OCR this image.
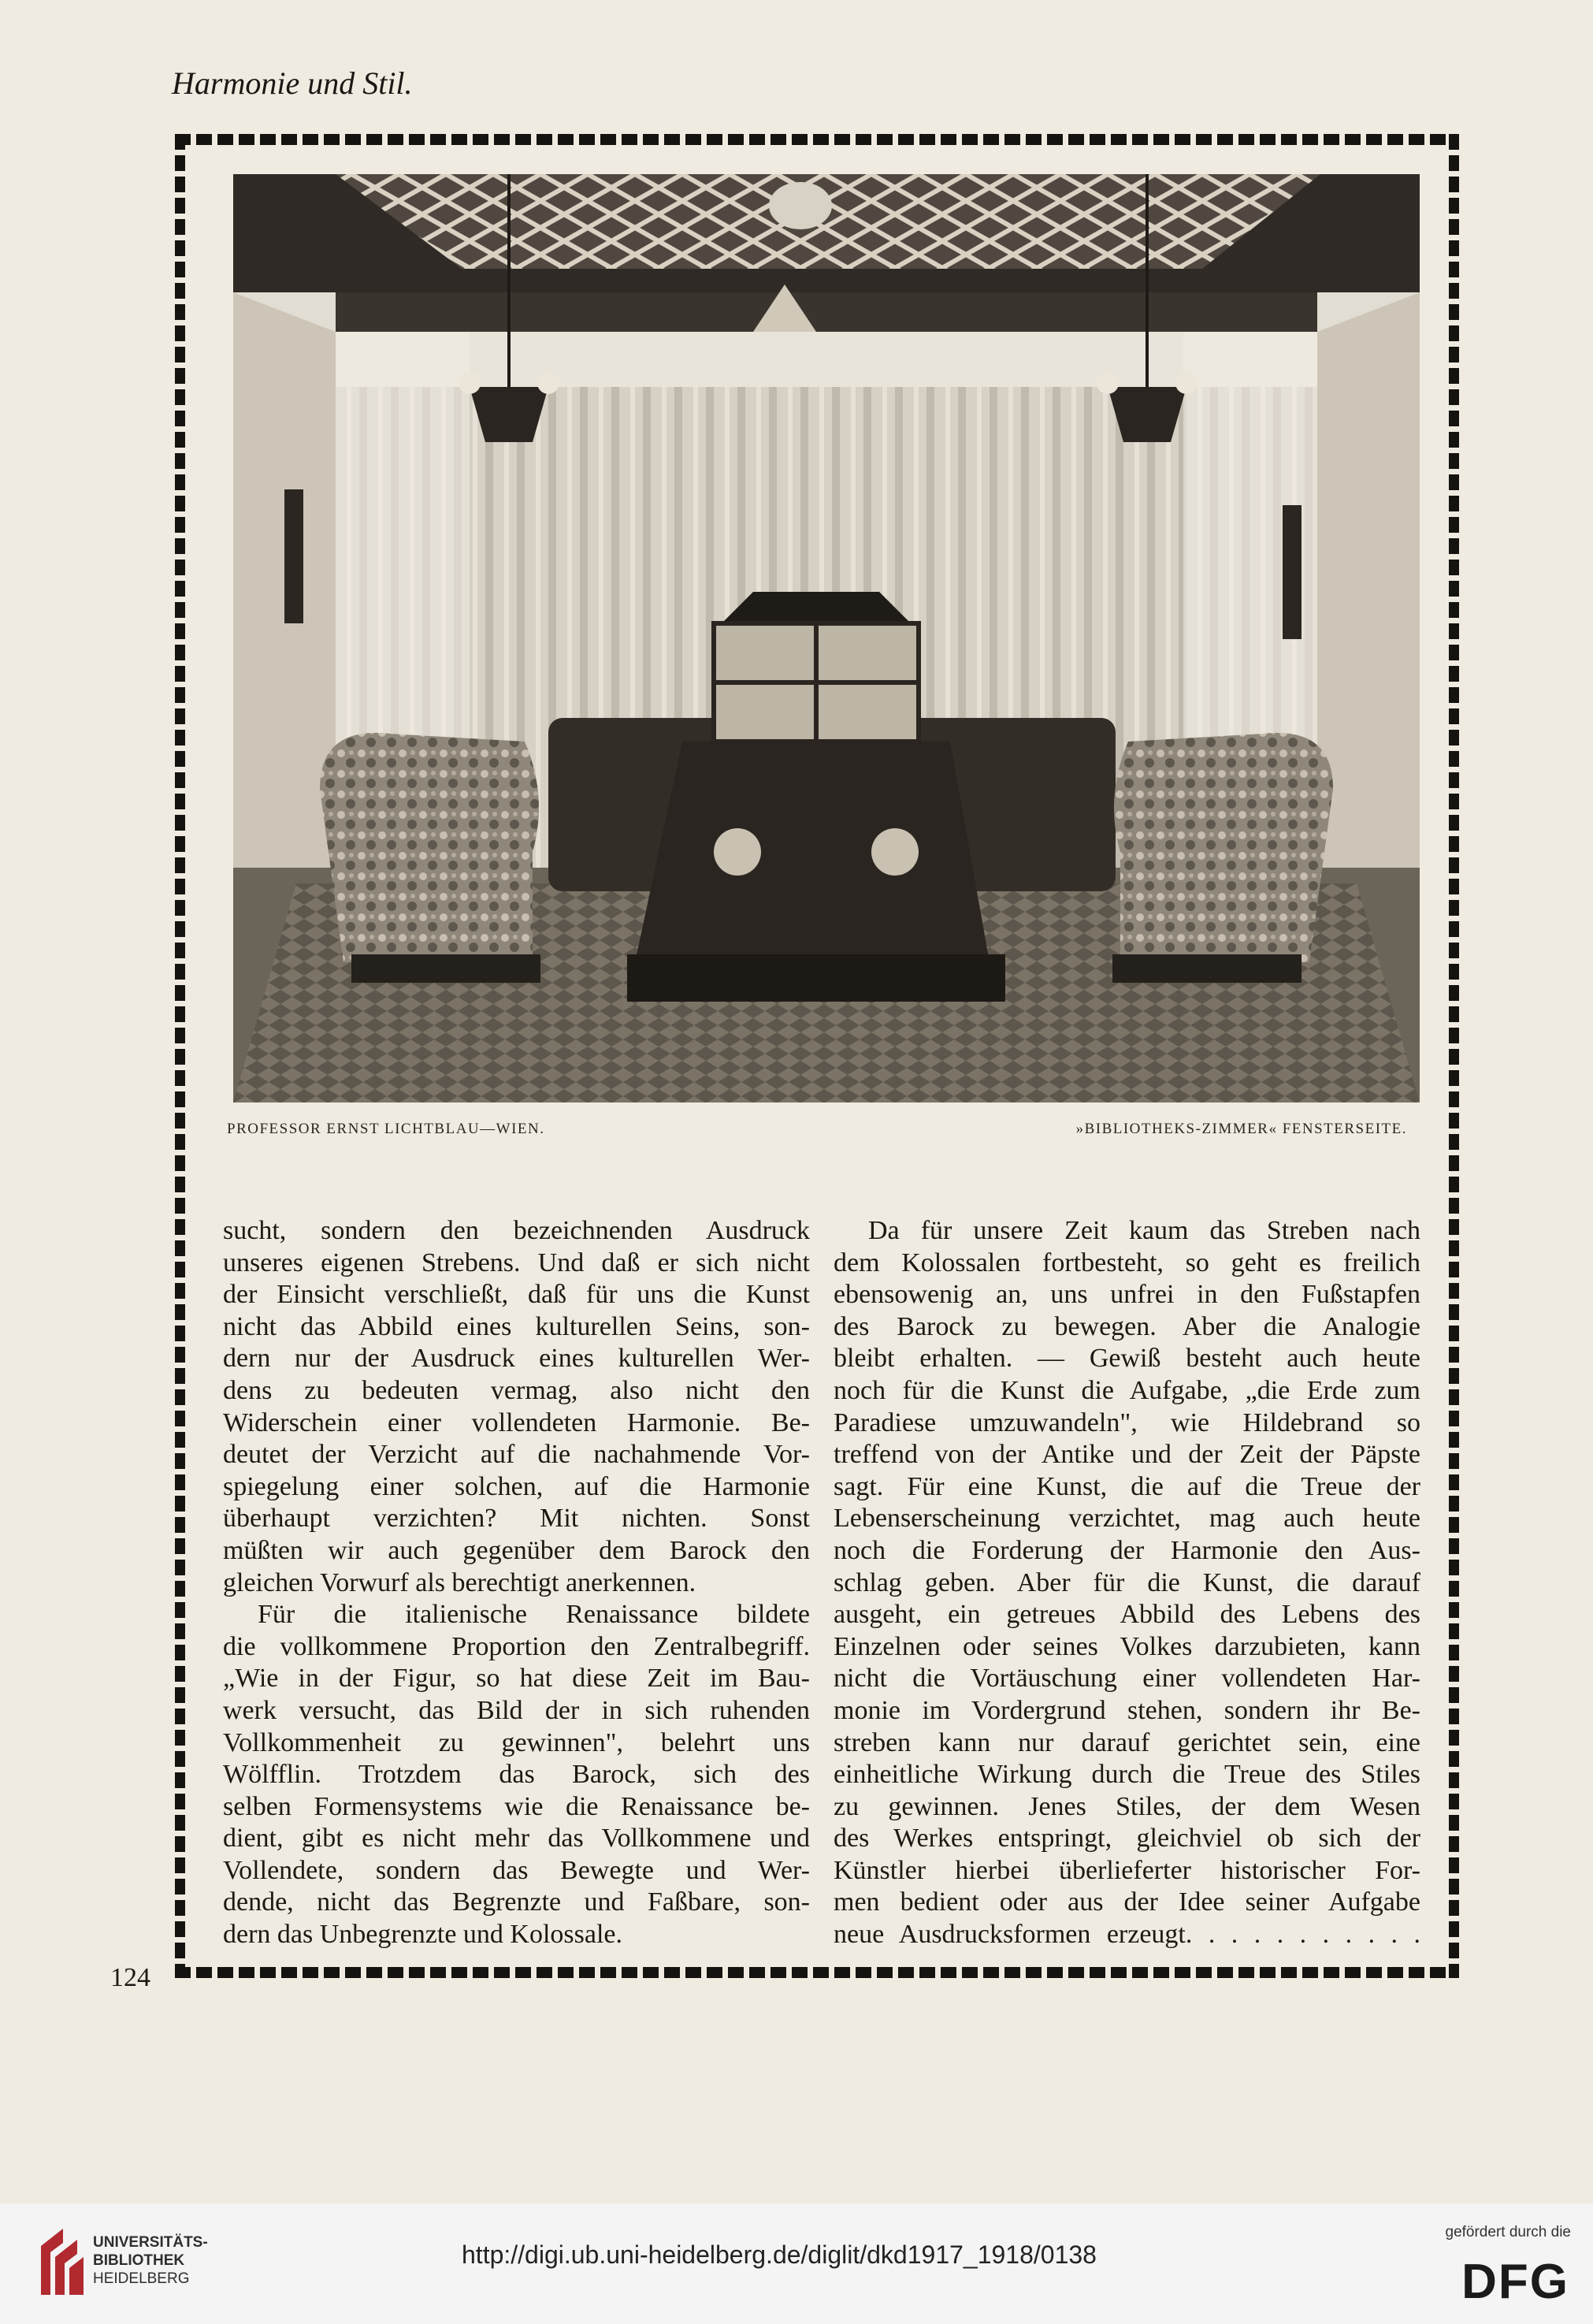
Harmonie und Stil.
PROFESSOR ERNST LICHTBLAU—WIEN.	»BIBLIOTHEKS-ZIMMER« FENSTERSEITE.
sucht, sondern den bezeichnenden Ausdruck
unseres eigenen Strebens. Und daß er sich nicht
der Einsicht verschließt, daß für uns die Kunst
nicht das Abbild eines kulturellen Seins, son-
dern nur der Ausdruck eines kulturellen Wer-
dens zu bedeuten vermag, also nicht den
Widerschein einer vollendeten Harmonie. Be-
deutet der Verzicht auf die nachahmende Vor-
spiegelung einer solchen, auf die Harmonie
überhaupt verzichten? Mit nichten. Sonst
müßten wir auch gegenüber dem Barock den
gleichen Vorwurf als berechtigt anerkennen.
Für die italienische Renaissance bildete
die vollkommene Proportion den Zentralbegriff.
„Wie in der Figur, so hat diese Zeit im Bau-
werk versucht, das Bild der in sich ruhenden
Vollkommenheit zu gewinnen", belehrt uns
Wölfflin. Trotzdem das Barock, sich des
selben Formensystems wie die Renaissance be-
dient, gibt es nicht mehr das Vollkommene und
Vollendete, sondern das Bewegte und Wer-
dende, nicht das Begrenzte und Faßbare, son-
dern das Unbegrenzte und Kolossale.
Da für unsere Zeit kaum das Streben nach
dem Kolossalen fortbesteht, so geht es freilich
ebensowenig an, uns unfrei in den Fußstapfen
des Barock zu bewegen. Aber die Analogie
bleibt erhalten. — Gewiß besteht auch heute
noch für die Kunst die Aufgabe, „die Erde zum
Paradiese umzuwandeln", wie Hildebrand so
treffend von der Antike und der Zeit der Päpste
sagt. Für eine Kunst, die auf die Treue der
Lebenserscheinung verzichtet, mag auch heute
noch die Forderung der Harmonie den Aus-
schlag geben. Aber für die Kunst, die darauf
ausgeht, ein getreues Abbild des Lebens des
Einzelnen oder seines Volkes darzubieten, kann
nicht die Vortäuschung einer vollendeten Har-
monie im Vordergrund stehen, sondern ihr Be-
streben kann nur darauf gerichtet sein, eine
einheitliche Wirkung durch die Treue des Stiles
zu gewinnen. Jenes Stiles, der dem Wesen
des Werkes entspringt, gleichviel ob sich der
Künstler hierbei überlieferter historischer For-
men bedient oder aus der Idee seiner Aufgabe
neue Ausdrucksformen erzeugt. . . . . . . . . . .
124
UNIVERSITÄTS-
BIBLIOTHEK
HEIDELBERG
http://digi.ub.uni-heidelberg.de/diglit/dkd1917_1918/0138
gefördert durch die
DFG
